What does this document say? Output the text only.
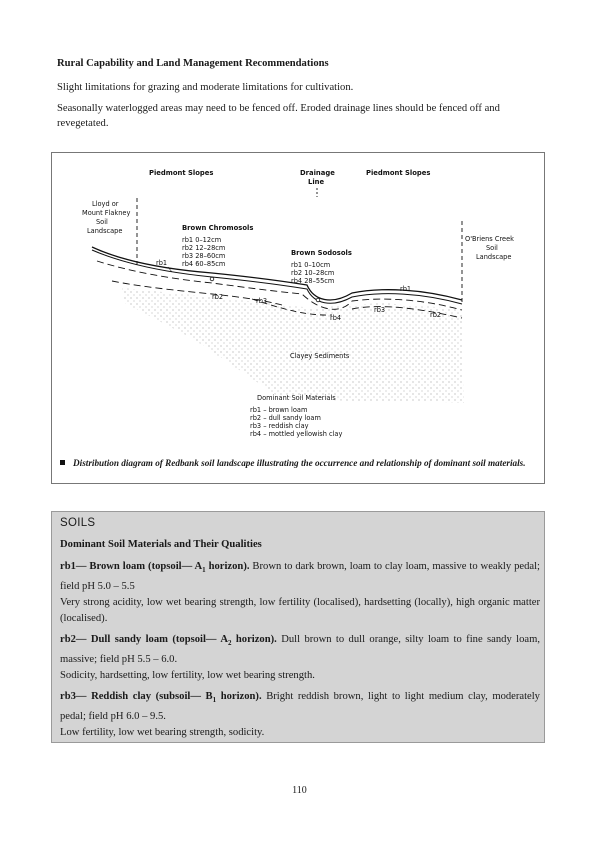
Rural Capability and Land Management Recommendations
Slight limitations for grazing and moderate limitations for cultivation.
Seasonally waterlogged areas may need to be fenced off. Eroded drainage lines should be fenced off and revegetated.
Piedmont Slopes	Drainage
Line
Piedmont Slopes
Lloyd or
Mount Flakney
Soil
Landscape
O'Briens Creek
Soil
Landscape
Brown Chromosols
rb1 0–12cm
rb2 12–28cm
rb3 28–60cm
rb4 60–85cm
Brown Sodosols
rb1 0–10cm
rb2 10–28cm
rb4 28–55cm
rb1
rb2	rb3
rb4
rb3
rb1
rb2
Clayey Sediments
Dominant Soil Materials
rb1 – brown loam
rb2 – dull sandy loam
rb3 – reddish clay
rb4 – mottled yellowish clay
Distribution diagram of Redbank soil landscape illustrating the occurrence and relationship of dominant soil materials.
SOILS
Dominant Soil Materials and Their Qualities
rb1— Brown loam (topsoil— $A_1$ horizon). Brown to dark brown, loam to clay loam, massive to weakly pedal; field pH 5.0 – 5.5
Very strong acidity, low wet bearing strength, low fertility (localised), hardsetting (locally), high organic matter (localised).
rb2— Dull sandy loam (topsoil— $A_2$ horizon). Dull brown to dull orange, silty loam to fine sandy loam, massive; field pH 5.5 – 6.0.
Sodicity, hardsetting, low fertility, low wet bearing strength.
rb3— Reddish clay (subsoil— $B_1$ horizon). Bright reddish brown, light to light medium clay, moderately pedal; field pH 6.0 – 9.5.
Low fertility, low wet bearing strength, sodicity.
110
